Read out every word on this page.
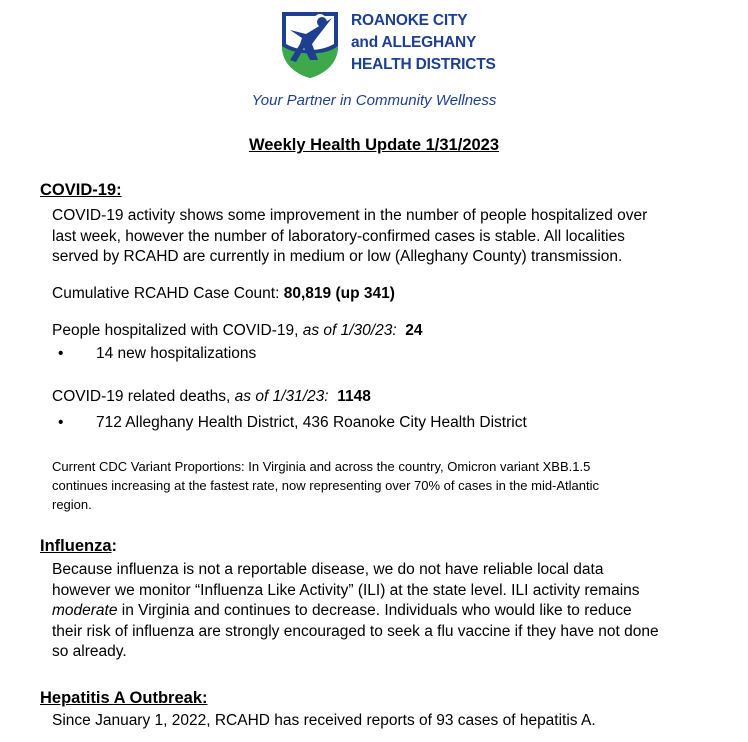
ROANOKE CITY
and ALLEGHANY
HEALTH DISTRICTS
Your Partner in Community Wellness
Weekly Health Update 1/31/2023
COVID-19:
COVID-19 activity shows some improvement in the number of people hospitalized over
last week, however the number of laboratory-confirmed cases is stable. All localities
served by RCAHD are currently in medium or low (Alleghany County) transmission.
Cumulative RCAHD Case Count: 80,819 (up 341)
People hospitalized with COVID-19, as of 1/30/23: 24
• 14 new hospitalizations
COVID-19 related deaths, as of 1/31/23: 1148
• 712 Alleghany Health District, 436 Roanoke City Health District
Current CDC Variant Proportions: In Virginia and across the country, Omicron variant XBB.1.5
continues increasing at the fastest rate, now representing over 70% of cases in the mid-Atlantic
region.
Influenza:
Because influenza is not a reportable disease, we do not have reliable local data
however we monitor “Influenza Like Activity” (ILI) at the state level. ILI activity remains
moderate in Virginia and continues to decrease. Individuals who would like to reduce
their risk of influenza are strongly encouraged to seek a flu vaccine if they have not done
so already.
Hepatitis A Outbreak:
Since January 1, 2022, RCAHD has received reports of 93 cases of hepatitis A.
